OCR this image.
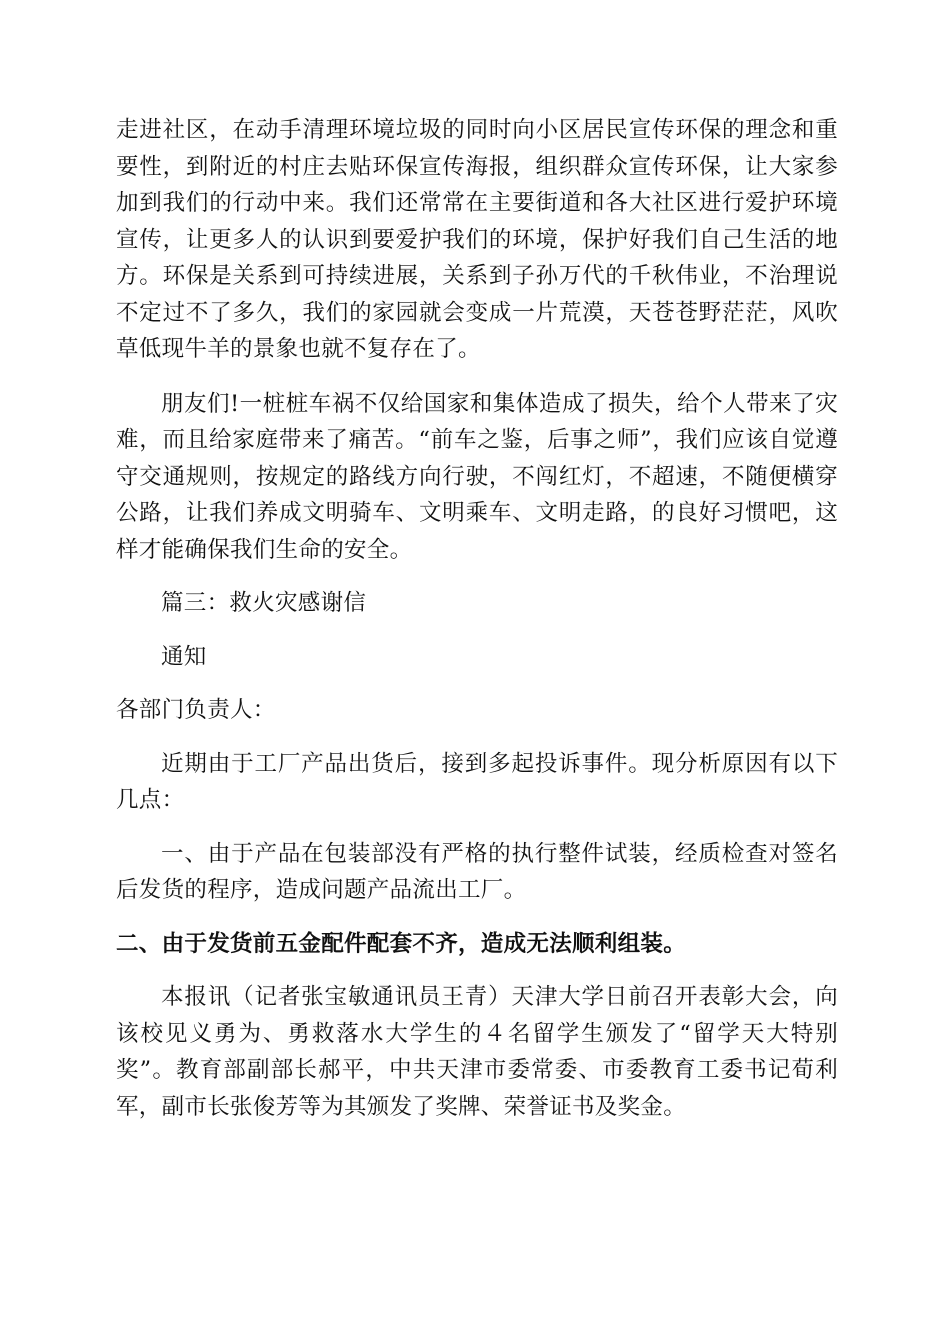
走进社区，在动手清理环境垃圾的同时向小区居民宣传环保的理念和重要性，到附近的村庄去贴环保宣传海报，组织群众宣传环保，让大家参加到我们的行动中来。我们还常常在主要街道和各大社区进行爱护环境宣传，让更多人的认识到要爱护我们的环境，保护好我们自己生活的地方。环保是关系到可持续进展，关系到子孙万代的千秋伟业，不治理说不定过不了多久，我们的家园就会变成一片荒漠，天苍苍野茫茫，风吹草低现牛羊的景象也就不复存在了。

朋友们!一桩桩车祸不仅给国家和集体造成了损失，给个人带来了灾难，而且给家庭带来了痛苦。“前车之鉴，后事之师”，我们应该自觉遵守交通规则，按规定的路线方向行驶，不闯红灯，不超速，不随便横穿公路，让我们养成文明骑车、文明乘车、文明走路，的良好习惯吧，这样才能确保我们生命的安全。

篇三：救火灾感谢信

通知

各部门负责人：

近期由于工厂产品出货后，接到多起投诉事件。现分析原因有以下几点：

一、由于产品在包装部没有严格的执行整件试装，经质检查对签名后发货的程序，造成问题产品流出工厂。

二、由于发货前五金配件配套不齐，造成无法顺利组装。

本报讯（记者张宝敏通讯员王青）天津大学日前召开表彰大会，向该校见义勇为、勇救落水大学生的４名留学生颁发了“留学天大特别奖”。教育部副部长郝平，中共天津市委常委、市委教育工委书记荀利军，副市长张俊芳等为其颁发了奖牌、荣誉证书及奖金。
